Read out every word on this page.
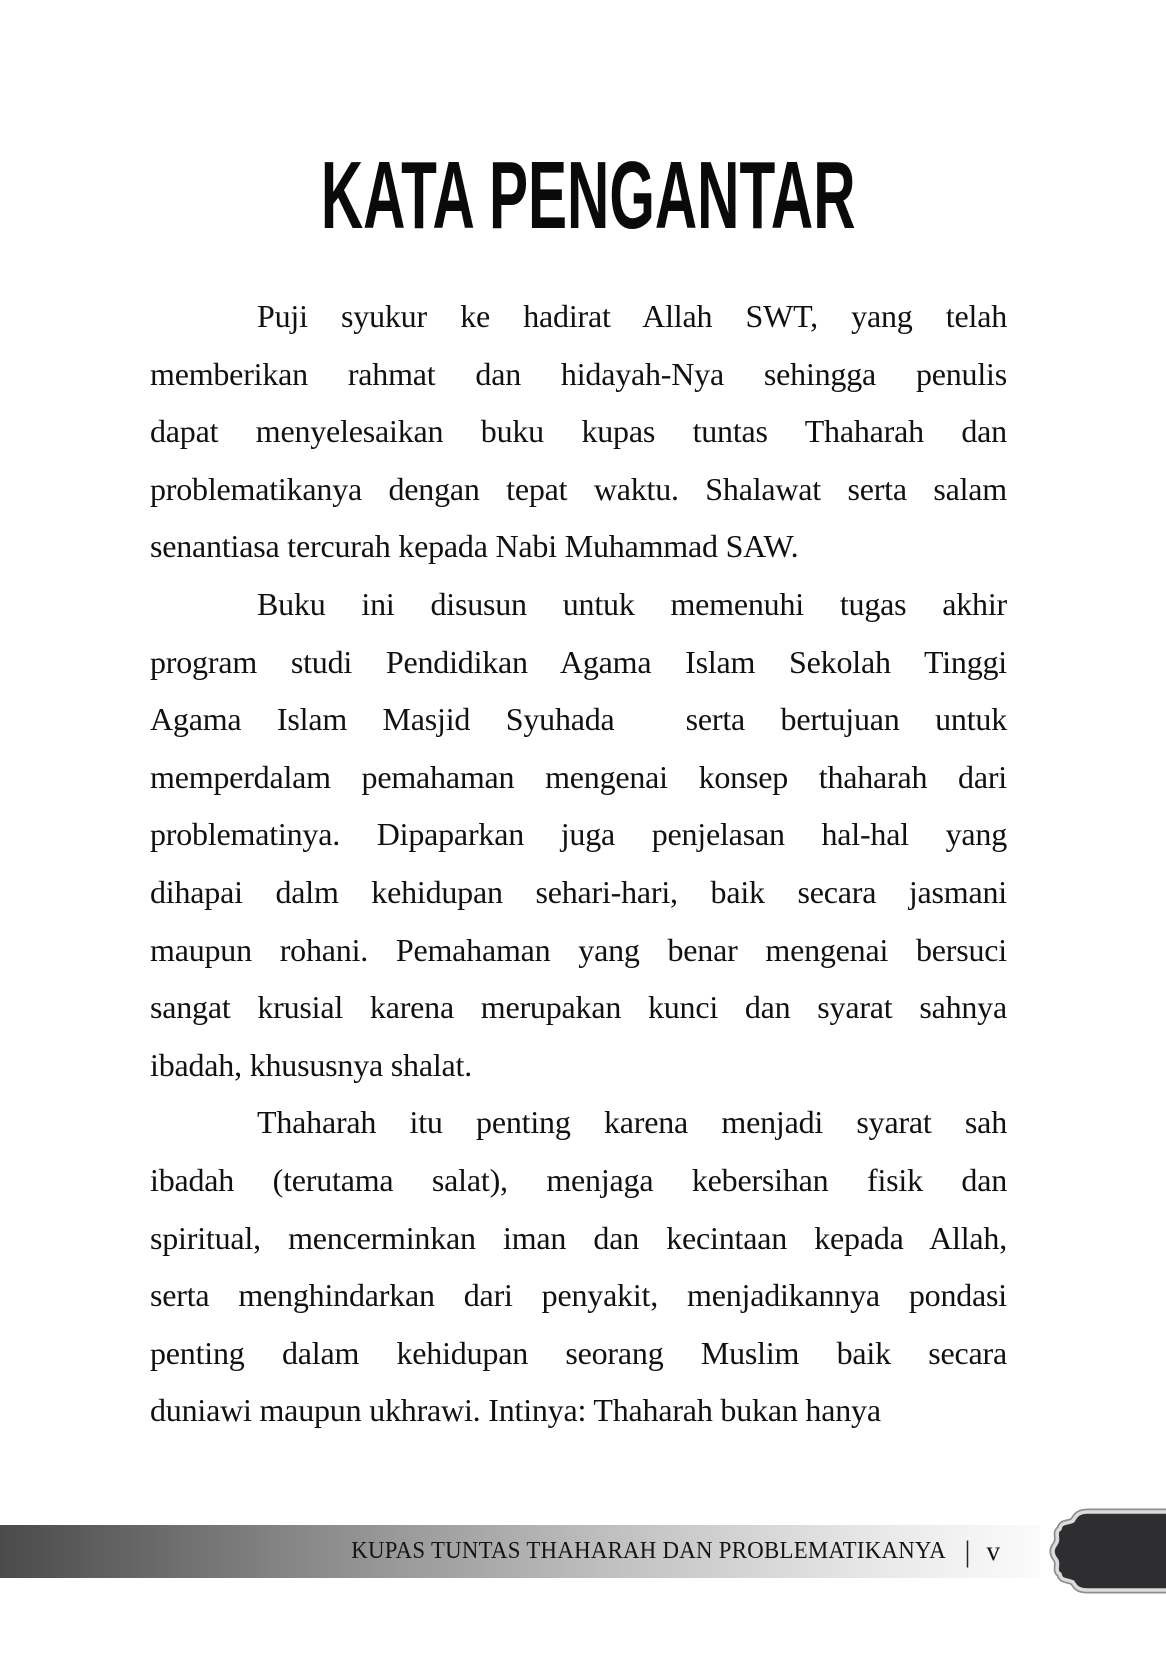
KATA PENGANTAR
Puji syukur ke hadirat Allah SWT, yang telah
memberikan rahmat dan hidayah-Nya sehingga penulis
dapat menyelesaikan buku kupas tuntas Thaharah dan
problematikanya dengan tepat waktu. Shalawat serta salam
senantiasa tercurah kepada Nabi Muhammad SAW.
Buku ini disusun untuk memenuhi tugas akhir
program studi Pendidikan Agama Islam Sekolah Tinggi
Agama Islam Masjid Syuhada  serta bertujuan untuk
memperdalam pemahaman mengenai konsep thaharah dari
problematinya. Dipaparkan juga penjelasan hal-hal yang
dihapai dalm kehidupan sehari-hari, baik secara jasmani
maupun rohani. Pemahaman yang benar mengenai bersuci
sangat krusial karena merupakan kunci dan syarat sahnya
ibadah, khususnya shalat.
Thaharah itu penting karena menjadi syarat sah
ibadah (terutama salat), menjaga kebersihan fisik dan
spiritual, mencerminkan iman dan kecintaan kepada Allah,
serta menghindarkan dari penyakit, menjadikannya pondasi
penting dalam kehidupan seorang Muslim baik secara
duniawi maupun ukhrawi. Intinya: Thaharah bukan hanya
KUPAS TUNTAS THAHARAH DAN PROBLEMATIKANYA | v
